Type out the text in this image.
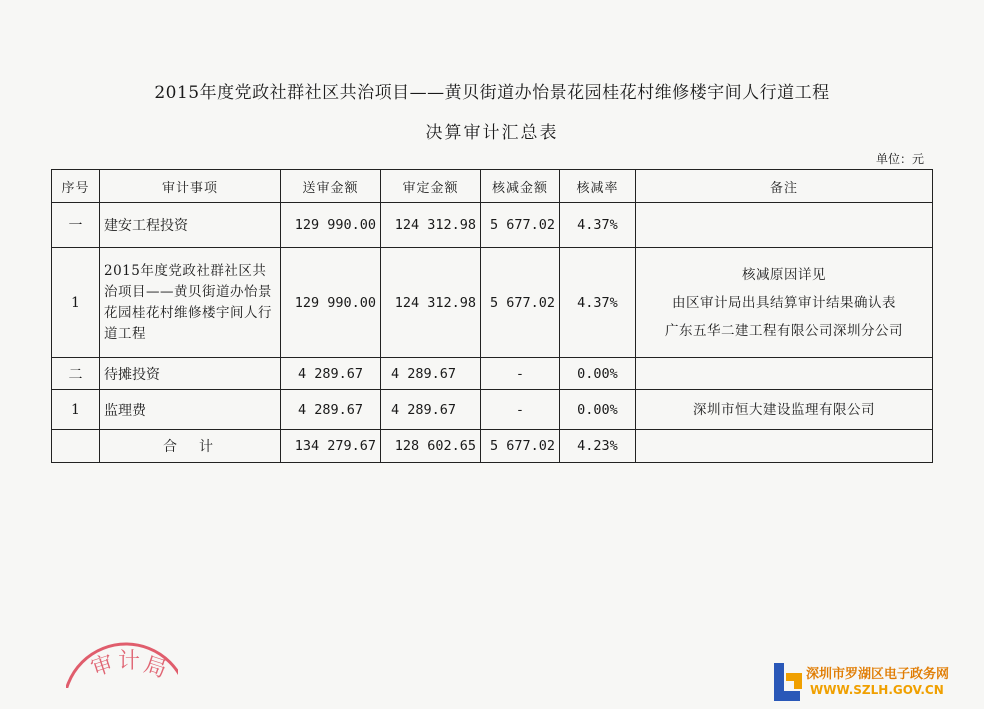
2015年度党政社群社区共治项目——黄贝街道办怡景花园桂花村维修楼宇间人行道工程
决算审计汇总表
单位：元
序号	审计事项	送审金额	审定金额	核减金额	核减率	备注
一	建安工程投资	129 990.00	124 312.98	5 677.02	4.37%	
1	2015年度党政社群社区共治项目——黄贝街道办怡景花园桂花村维修楼宇间人行道工程	129 990.00	124 312.98	5 677.02	4.37%	核减原因详见
由区审计局出具结算审计结果确认表
广东五华二建工程有限公司深圳分公司

二	待摊投资	4 289.67	4 289.67	-	0.00%	
1	监理费	4 289.67	4 289.67	-	0.00%	深圳市恒大建设监理有限公司
	合　计	134 279.67	128 602.65	5 677.02	4.23%	
审 计 局	深圳市罗湖区电子政务网
WWW.SZLH.GOV.CN
